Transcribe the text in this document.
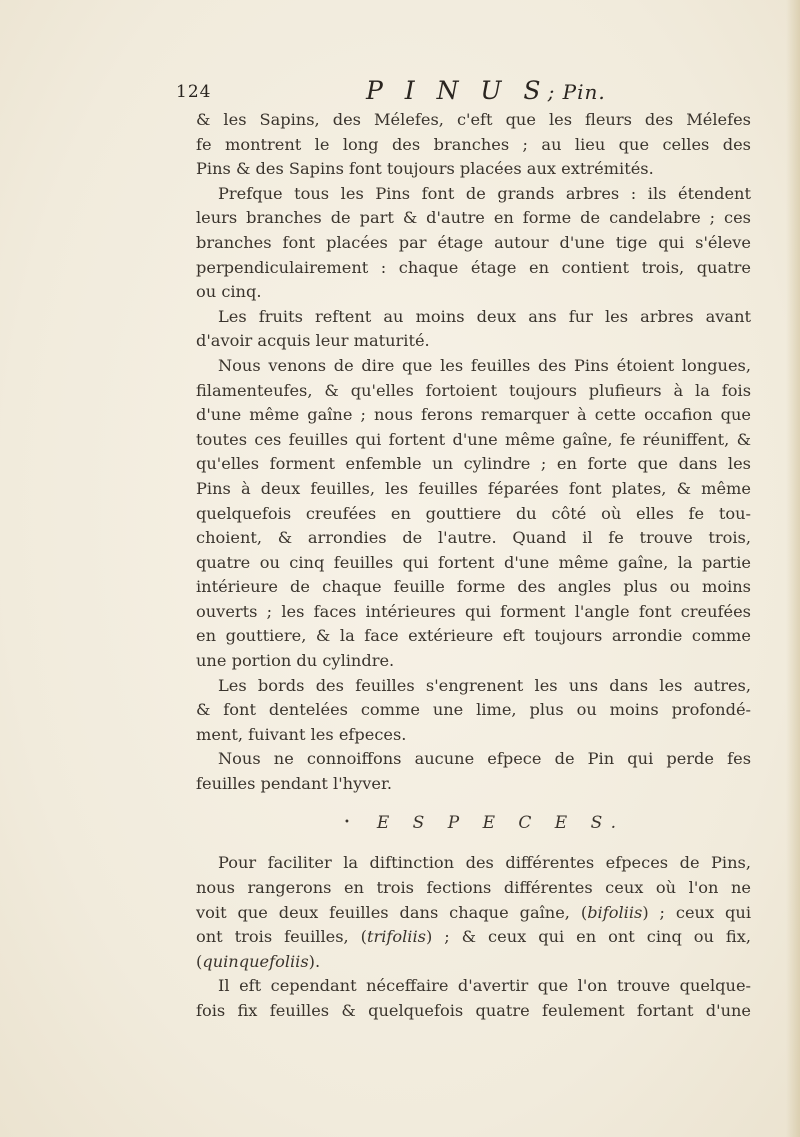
124	P I N U S; Pin.
& les Sapins, des Mélefes, c'eft que les fleurs des Mélefes
fe montrent le long des branches ; au lieu que celles des
Pins & des Sapins font toujours placées aux extrémités.
Prefque tous les Pins font de grands arbres : ils étendent
leurs branches de part & d'autre en forme de candelabre ; ces
branches font placées par étage autour d'une tige qui s'éleve
perpendiculairement : chaque étage en contient trois, quatre
ou cinq.
Les fruits reftent au moins deux ans fur les arbres avant
d'avoir acquis leur maturité.
Nous venons de dire que les feuilles des Pins étoient longues,
filamenteufes, & qu'elles fortoient toujours plufieurs à la fois
d'une même gaîne ; nous ferons remarquer à cette occafion que
toutes ces feuilles qui fortent d'une même gaîne, fe réuniffent, &
qu'elles forment enfemble un cylindre ; en forte que dans les
Pins à deux feuilles, les feuilles féparées font plates, & même
quelquefois creufées en gouttiere du côté où elles fe tou-
choient, & arrondies de l'autre. Quand il fe trouve trois,
quatre ou cinq feuilles qui fortent d'une même gaîne, la partie
intérieure de chaque feuille forme des angles plus ou moins
ouverts ; les faces intérieures qui forment l'angle font creufées
en gouttiere, & la face extérieure eft toujours arrondie comme
une portion du cylindre.
Les bords des feuilles s'engrenent les uns dans les autres,
& font dentelées comme une lime, plus ou moins profondé-
ment, fuivant les efpeces.
Nous ne connoiffons aucune efpece de Pin qui perde fes
feuilles pendant l'hyver.
• E S P E C E S.
Pour faciliter la diftinction des différentes efpeces de Pins,
nous rangerons en trois fections différentes ceux où l'on ne
voit que deux feuilles dans chaque gaîne, (bifoliis) ; ceux qui
ont trois feuilles, (trifoliis) ; & ceux qui en ont cinq ou fix,
(quinquefoliis).
Il eft cependant néceffaire d'avertir que l'on trouve quelque-
fois fix feuilles & quelquefois quatre feulement fortant d'une
